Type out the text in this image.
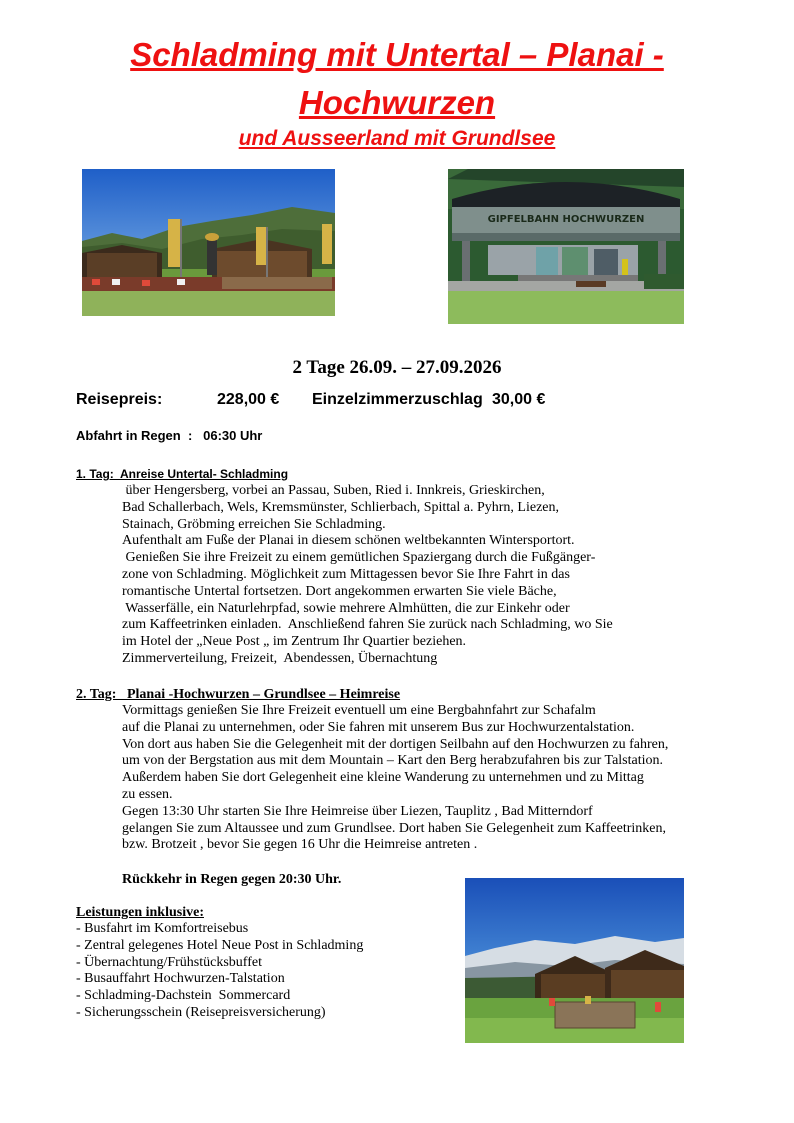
Schladming mit Untertal – Planai -
Hochwurzen
und Ausseerland mit Grundlsee
GIPFELBAHN HOCHWURZEN
2 Tage 26.09. – 27.09.2026
Reisepreis:	228,00 € Einzelzimmerzuschlag 30,00 €
Abfahrt in Regen  :   06:30 Uhr
1. Tag:  Anreise Untertal- Schladming
über Hengersberg, vorbei an Passau, Suben, Ried i. Innkreis, Grieskirchen,
Bad Schallerbach, Wels, Kremsmünster, Schlierbach, Spittal a. Pyhrn, Liezen,
Stainach, Gröbming erreichen Sie Schladming.
Aufenthalt am Fuße der Planai in diesem schönen weltbekannten Wintersportort.
Genießen Sie ihre Freizeit zu einem gemütlichen Spaziergang durch die Fußgänger-
zone von Schladming. Möglichkeit zum Mittagessen bevor Sie Ihre Fahrt in das
romantische Untertal fortsetzen. Dort angekommen erwarten Sie viele Bäche,
Wasserfälle, ein Naturlehrpfad, sowie mehrere Almhütten, die zur Einkehr oder
zum Kaffeetrinken einladen.  Anschließend fahren Sie zurück nach Schladming, wo Sie
im Hotel der „Neue Post „ im Zentrum Ihr Quartier beziehen.
Zimmerverteilung, Freizeit,  Abendessen, Übernachtung
2. Tag:   Planai -Hochwurzen – Grundlsee – Heimreise
Vormittags genießen Sie Ihre Freizeit eventuell um eine Bergbahnfahrt zur Schafalm
auf die Planai zu unternehmen, oder Sie fahren mit unserem Bus zur Hochwurzentalstation.
Von dort aus haben Sie die Gelegenheit mit der dortigen Seilbahn auf den Hochwurzen zu fahren,
um von der Bergstation aus mit dem Mountain – Kart den Berg herabzufahren bis zur Talstation.
Außerdem haben Sie dort Gelegenheit eine kleine Wanderung zu unternehmen und zu Mittag
zu essen.
Gegen 13:30 Uhr starten Sie Ihre Heimreise über Liezen, Tauplitz , Bad Mitterndorf
gelangen Sie zum Altaussee und zum Grundlsee. Dort haben Sie Gelegenheit zum Kaffeetrinken,
bzw. Brotzeit , bevor Sie gegen 16 Uhr die Heimreise antreten .
Rückkehr in Regen gegen 20:30 Uhr.
Leistungen inklusive:
- Busfahrt im Komfortreisebus
- Zentral gelegenes Hotel Neue Post in Schladming
- Übernachtung/Frühstücksbuffet
- Busauffahrt Hochwurzen-Talstation
- Schladming-Dachstein  Sommercard
- Sicherungsschein (Reisepreisversicherung)
